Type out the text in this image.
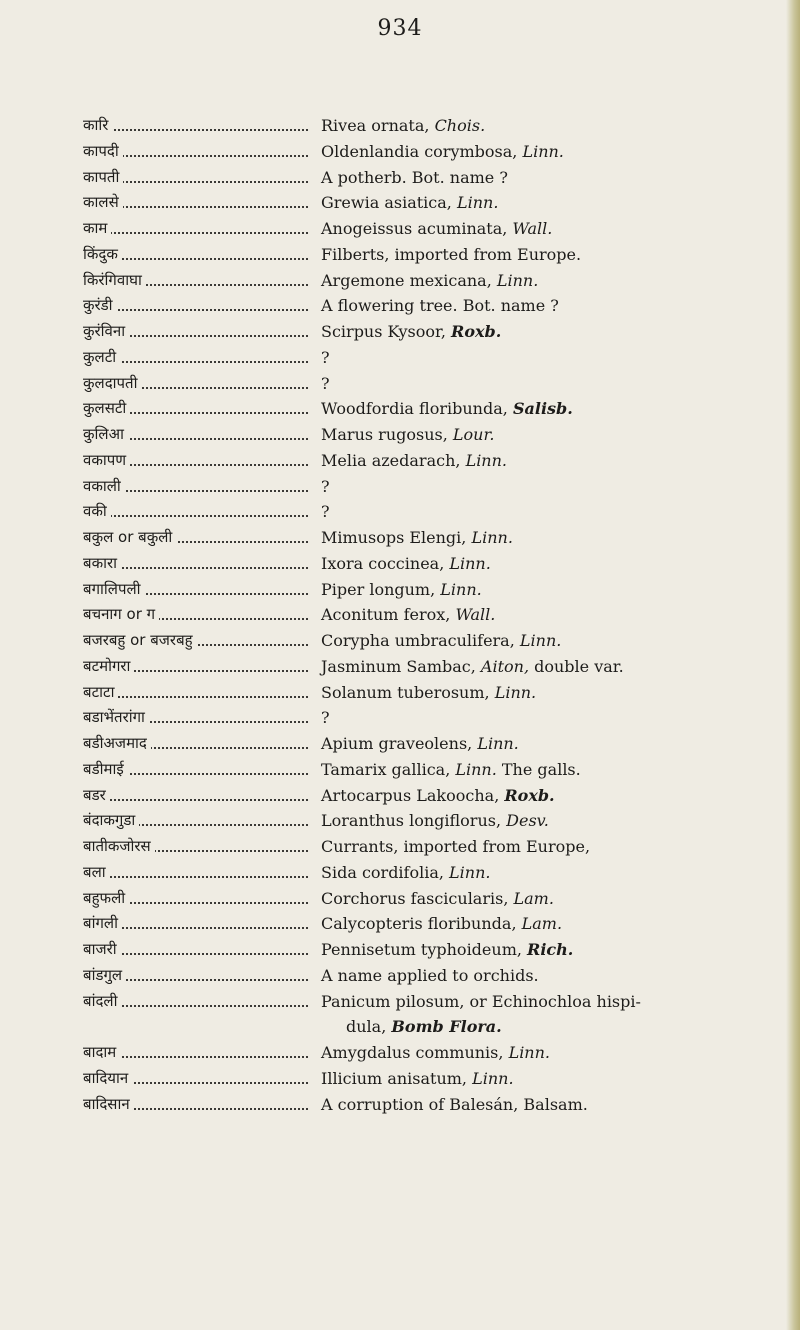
934
कारि	Rivea ornata, Chois.
कापदी	Oldenlandia corymbosa, Linn.
कापती	A potherb. Bot. name ?
कालसे	Grewia asiatica, Linn.
काम	Anogeissus acuminata, Wall.
किंदुक	Filberts, imported from Europe.
किरंगिवाघा	Argemone mexicana, Linn.
कुरंडी	A flowering tree. Bot. name ?
कुरंविना	Scirpus Kysoor, Roxb.
कुलटी	?
कुलदापती	?
कुलसटी	Woodfordia floribunda, Salisb.
कुलिआ	Marus rugosus, Lour.
वकापण	Melia azedarach, Linn.
वकाली	?
वकी	?
बकुल or बकुली	Mimusops Elengi, Linn.
बकारा	Ixora coccinea, Linn.
बगालिपली	Piper longum, Linn.
बचनाग or ग	Aconitum ferox, Wall.
बजरबहु or बजरबहु	Corypha umbraculifera, Linn.
बटमोगरा	Jasminum Sambac, Aiton, double var.
बटाटा	Solanum tuberosum, Linn.
बडाभेंतरांगा	?
बडीअजमाद	Apium graveolens, Linn.
बडीमाई	Tamarix gallica, Linn. The galls.
बडर	Artocarpus Lakoocha, Roxb.
बंदाकगुडा	Loranthus longiflorus, Desv.
बातीकजोरस	Currants, imported from Europe,
बला	Sida cordifolia, Linn.
बहुफली	Corchorus fascicularis, Lam.
बांगली	Calycopteris floribunda, Lam.
बाजरी	Pennisetum typhoideum, Rich.
बांडगुल	A name applied to orchids.
बांदली	Panicum pilosum, or Echinochloa hispi-
dula, Bomb Flora.
बादाम	Amygdalus communis, Linn.
बादियान	Illicium anisatum, Linn.
बादिसान	A corruption of Balesán, Balsam.
